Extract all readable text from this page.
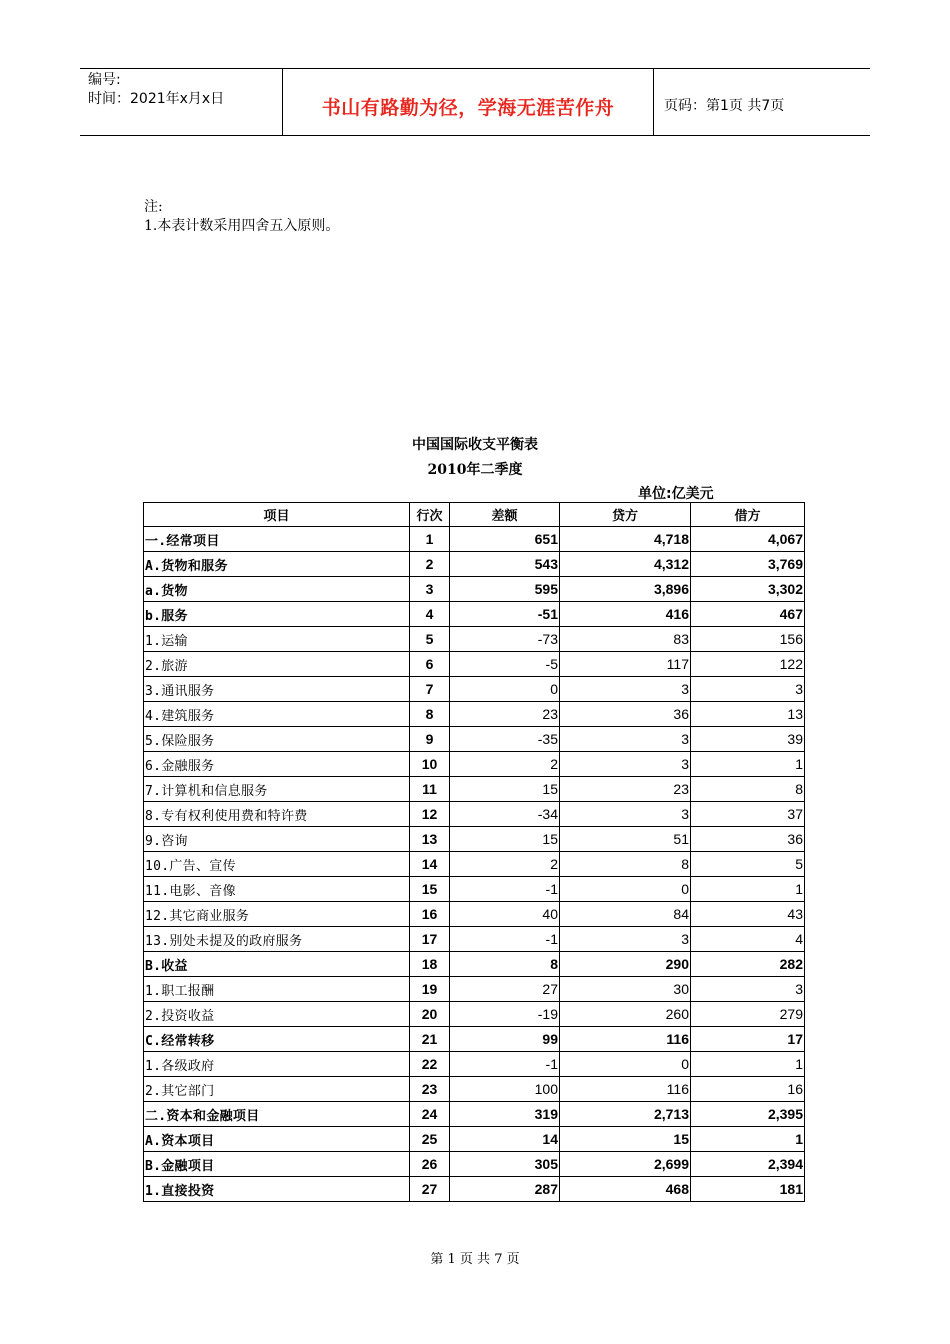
编号:
时间：2021年x月x日	书山有路勤为径，学海无涯苦作舟	页码：第1页 共7页
注:
1.本表计数采用四舍五入原则。
中国国际收支平衡表
2010年二季度
单位:亿美元
项目	行次	差额	贷方	借方
一.经常项目	1	651	4,718	4,067
A.货物和服务	2	543	4,312	3,769
a.货物	3	595	3,896	3,302
b.服务	4	-51	416	467
1.运输	5	-73	83	156
2.旅游	6	-5	117	122
3.通讯服务	7	0	3	3
4.建筑服务	8	23	36	13
5.保险服务	9	-35	3	39
6.金融服务	10	2	3	1
7.计算机和信息服务	11	15	23	8
8.专有权利使用费和特许费	12	-34	3	37
9.咨询	13	15	51	36
10.广告、宣传	14	2	8	5
11.电影、音像	15	-1	0	1
12.其它商业服务	16	40	84	43
13.别处未提及的政府服务	17	-1	3	4
B.收益	18	8	290	282
1.职工报酬	19	27	30	3
2.投资收益	20	-19	260	279
C.经常转移	21	99	116	17
1.各级政府	22	-1	0	1
2.其它部门	23	100	116	16
二.资本和金融项目	24	319	2,713	2,395
A.资本项目	25	14	15	1
B.金融项目	26	305	2,699	2,394
1.直接投资	27	287	468	181
第 1 页 共 7 页
